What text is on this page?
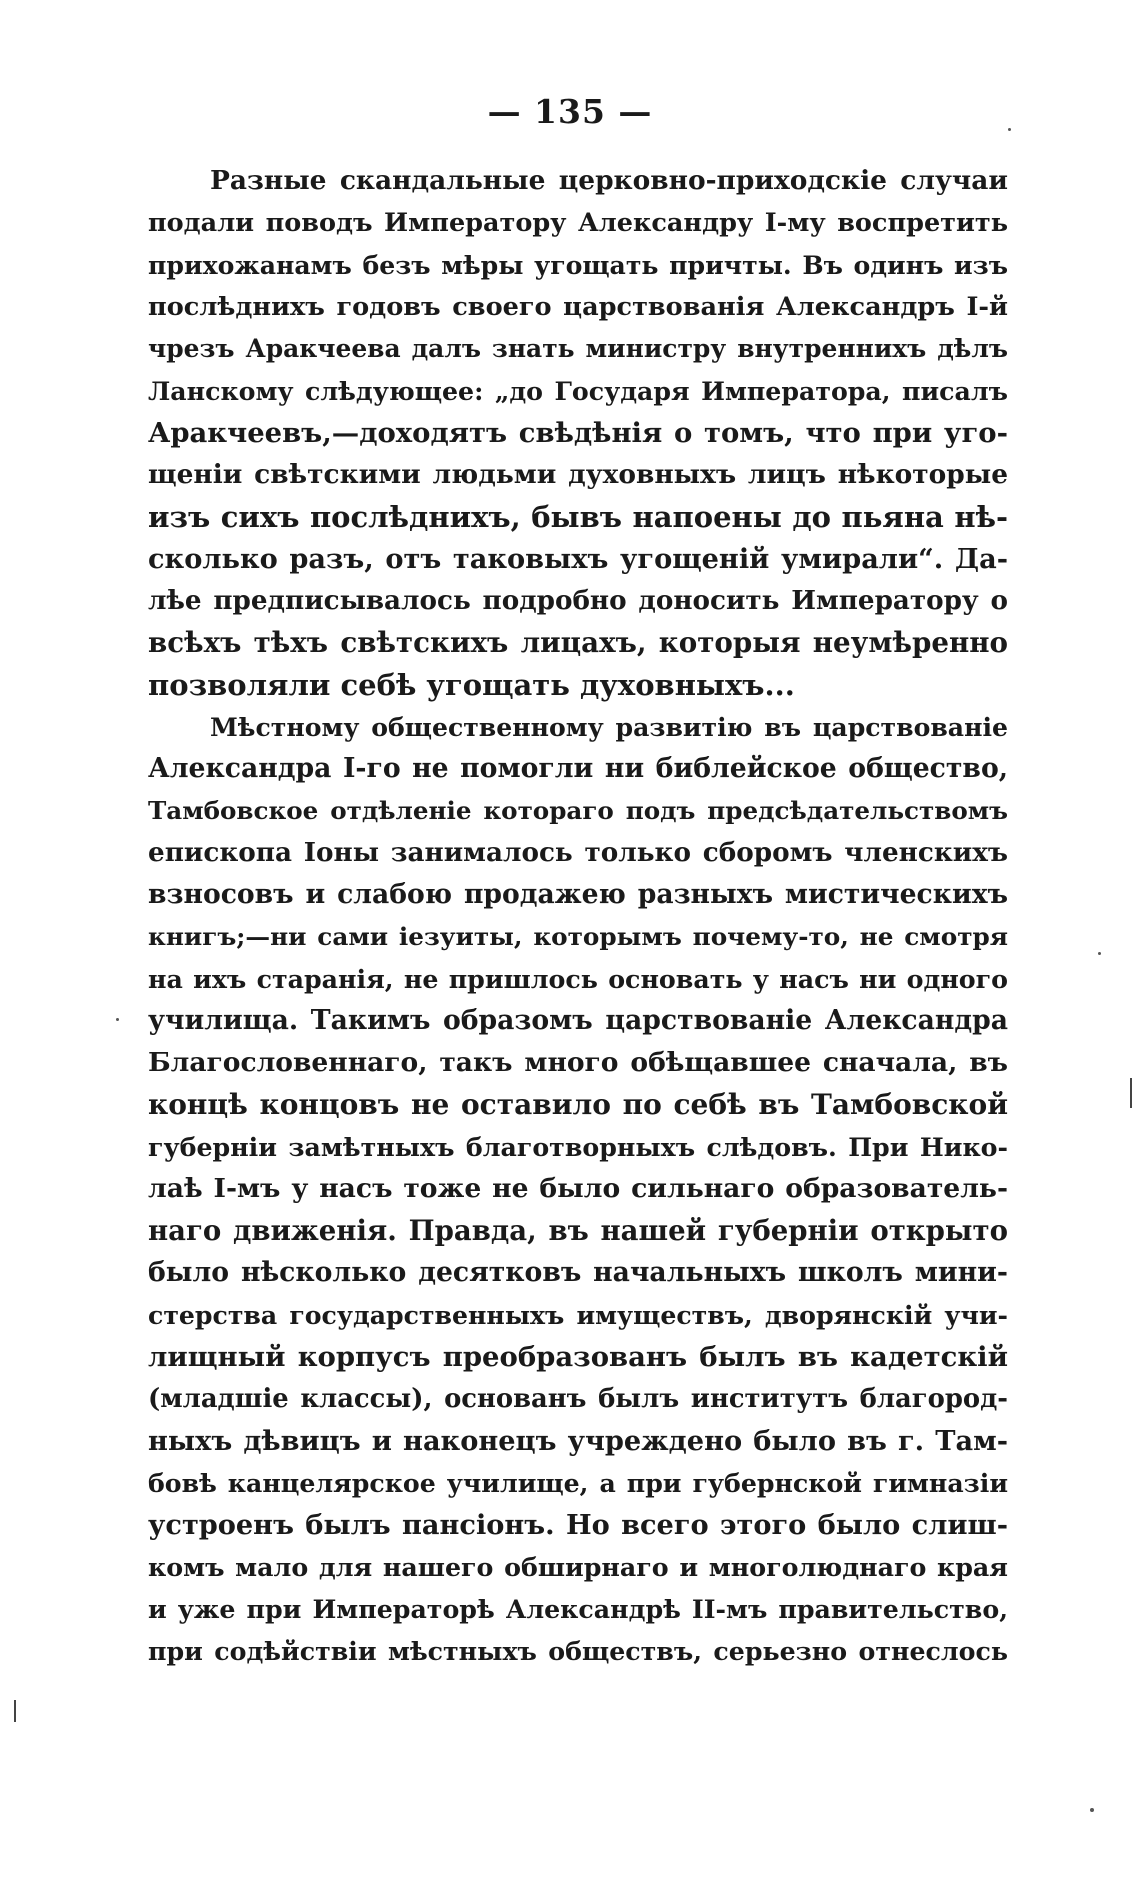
— 135 —
Разные скандальные церковно-приходскіе случаи
подали поводъ Императору Александру I-му воспретить
прихожанамъ безъ мѣры угощать причты. Въ одинъ изъ
послѣднихъ годовъ своего царствованія Александръ I-й
чрезъ Аракчеева далъ знать министру внутреннихъ дѣлъ
Ланскому слѣдующее: „до Государя Императора, писалъ
Аракчеевъ,—доходятъ свѣдѣнія о томъ, что при уго-
щеніи свѣтскими людьми духовныхъ лицъ нѣкоторые
изъ сихъ послѣднихъ, бывъ напоены до пьяна нѣ-
сколько разъ, отъ таковыхъ угощеній умирали“. Да-
лѣе предписывалось подробно доносить Императору о
всѣхъ тѣхъ свѣтскихъ лицахъ, которыя неумѣренно
позволяли себѣ угощать духовныхъ...
Мѣстному общественному развитію въ царствованіе
Александра I-го не помогли ни библейское общество,
Тамбовское отдѣленіе котораго подъ предсѣдательствомъ
епископа Іоны занималось только сборомъ членскихъ
взносовъ и слабою продажею разныхъ мистическихъ
книгъ;—ни сами іезуиты, которымъ почему-то, не смотря
на ихъ старанія, не пришлось основать у насъ ни одного
училища. Такимъ образомъ царствованіе Александра
Благословеннаго, такъ много обѣщавшее сначала, въ
концѣ концовъ не оставило по себѣ въ Тамбовской
губерніи замѣтныхъ благотворныхъ слѣдовъ. При Нико-
лаѣ I-мъ у насъ тоже не было сильнаго образователь-
наго движенія. Правда, въ нашей губерніи открыто
было нѣсколько десятковъ начальныхъ школъ мини-
стерства государственныхъ имуществъ, дворянскій учи-
лищный корпусъ преобразованъ былъ въ кадетскій
(младшіе классы), основанъ былъ институтъ благород-
ныхъ дѣвицъ и наконецъ учреждено было въ г. Там-
бовѣ канцелярское училище, а при губернской гимназіи
устроенъ былъ пансіонъ. Но всего этого было слиш-
комъ мало для нашего обширнаго и многолюднаго края
и уже при Императорѣ Александрѣ II-мъ правительство,
при содѣйствіи мѣстныхъ обществъ, серьезно отнеслось
